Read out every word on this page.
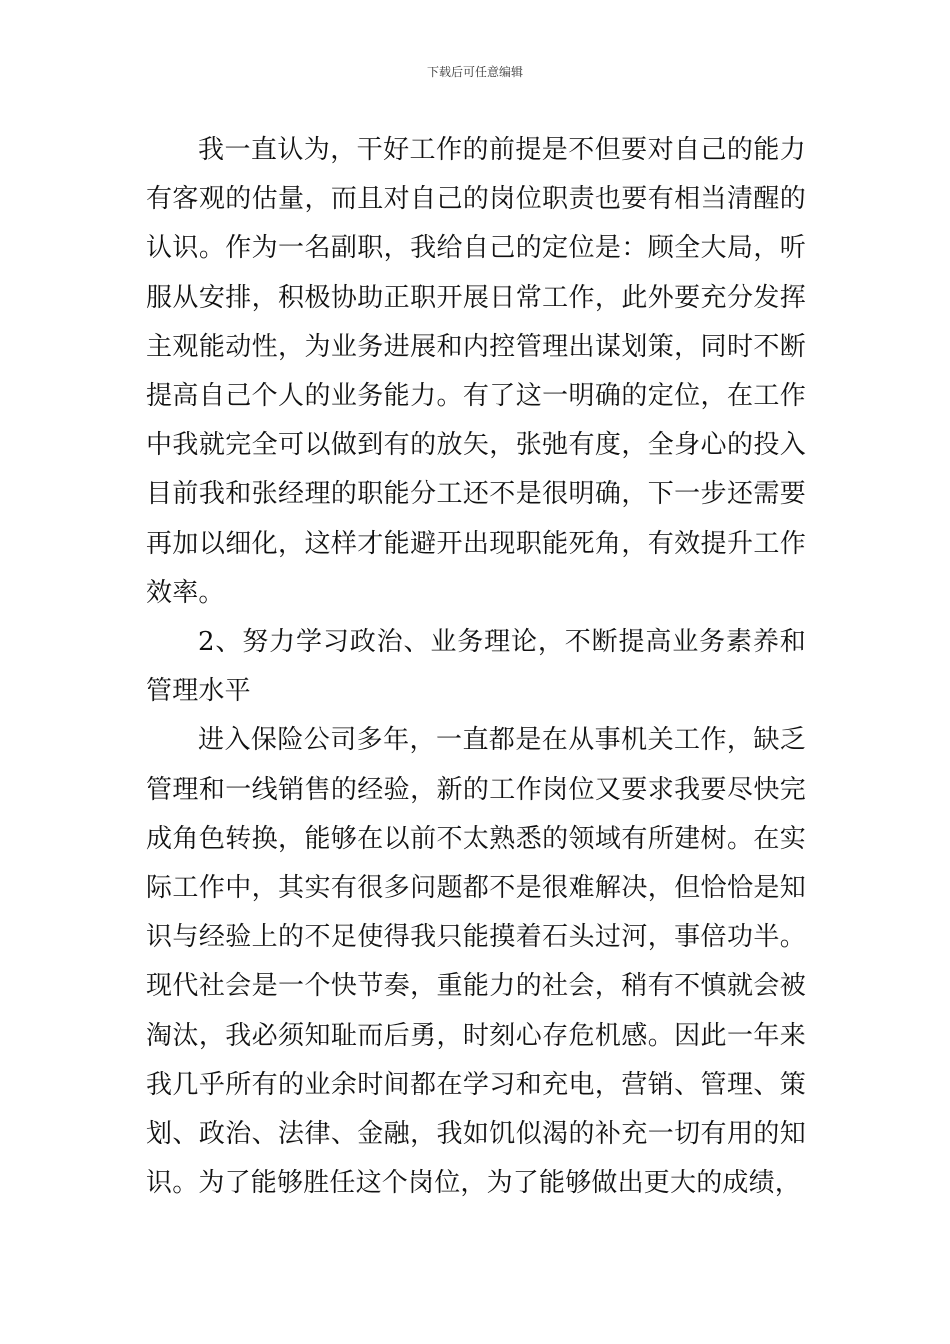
下载后可任意编辑

我一直认为，干好工作的前提是不但要对自己的能力有客观的估量，而且对自己的岗位职责也要有相当清醒的认识。作为一名副职，我给自己的定位是：顾全大局，听服从安排，积极协助正职开展日常工作，此外要充分发挥主观能动性，为业务进展和内控管理出谋划策，同时不断提高自己个人的业务能力。有了这一明确的定位，在工作中我就完全可以做到有的放矢，张弛有度，全身心的投入目前我和张经理的职能分工还不是很明确，下一步还需要再加以细化，这样才能避开出现职能死角，有效提升工作效率。

2、努力学习政治、业务理论，不断提高业务素养和管理水平

进入保险公司多年，一直都是在从事机关工作，缺乏管理和一线销售的经验，新的工作岗位又要求我要尽快完成角色转换，能够在以前不太熟悉的领域有所建树。在实际工作中，其实有很多问题都不是很难解决，但恰恰是知识与经验上的不足使得我只能摸着石头过河，事倍功半。现代社会是一个快节奏，重能力的社会，稍有不慎就会被淘汰，我必须知耻而后勇，时刻心存危机感。因此一年来我几乎所有的业余时间都在学习和充电，营销、管理、策划、政治、法律、金融，我如饥似渴的补充一切有用的知识。为了能够胜任这个岗位，为了能够做出更大的成绩，
